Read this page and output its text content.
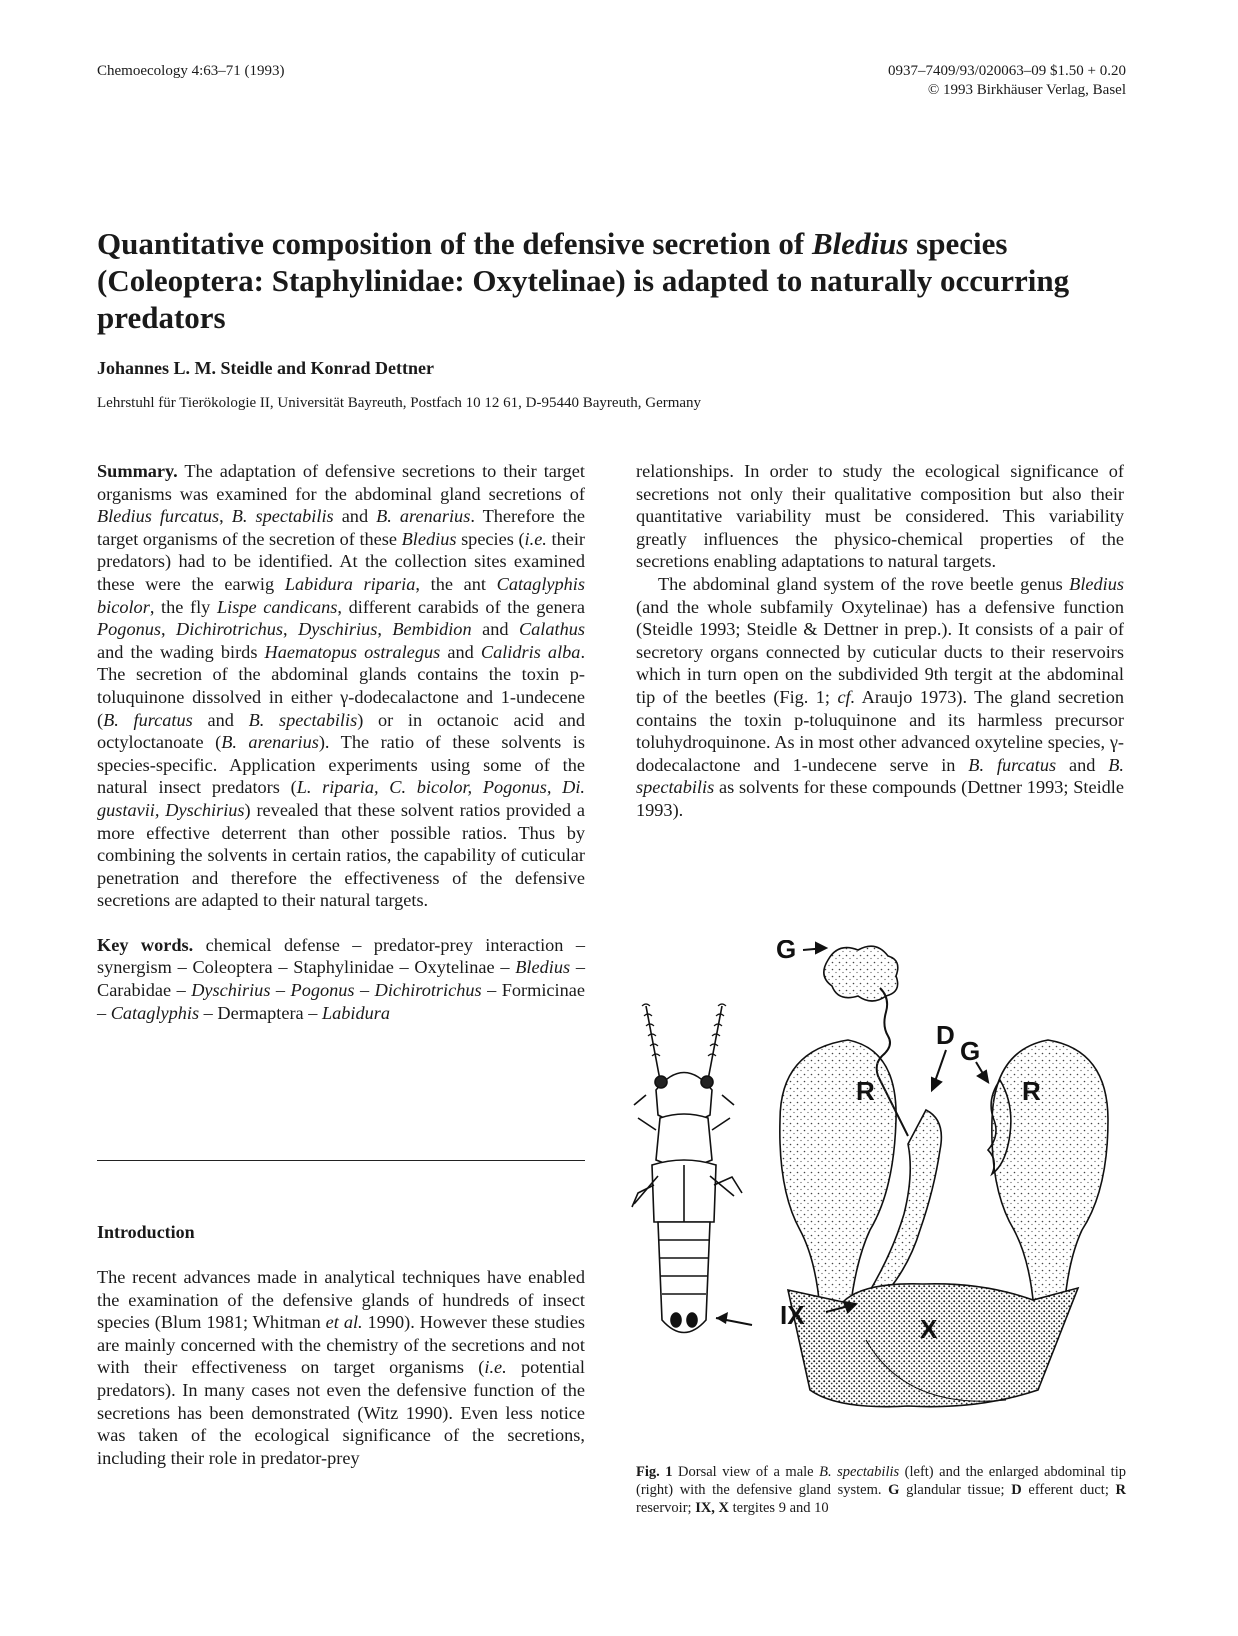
Chemoecology 4:63–71 (1993)	0937–7409/93/020063–09 $1.50 + 0.20
© 1993 Birkhäuser Verlag, Basel
Quantitative composition of the defensive secretion of Bledius species (Coleoptera: Staphylinidae: Oxytelinae) is adapted to naturally occurring predators
Johannes L. M. Steidle and Konrad Dettner
Lehrstuhl für Tierökologie II, Universität Bayreuth, Postfach 10 12 61, D-95440 Bayreuth, Germany

Summary. The adaptation of defensive secretions to their target organisms was examined for the abdominal gland secretions of Bledius furcatus, B. spectabilis and B. arenarius. Therefore the target organisms of the secretion of these Bledius species (i.e. their predators) had to be identified. At the collection sites examined these were the earwig Labidura riparia, the ant Cataglyphis bicolor, the fly Lispe candicans, different carabids of the genera Pogonus, Dichirotrichus, Dyschirius, Bembidion and Calathus and the wading birds Haematopus ostralegus and Calidris alba. The secretion of the abdominal glands contains the toxin p-toluquinone dissolved in either γ-dodecalactone and 1-undecene (B. furcatus and B. spectabilis) or in octanoic acid and octyloctanoate (B. arenarius). The ratio of these solvents is species-specific. Application experiments using some of the natural insect predators (L. riparia, C. bicolor, Pogonus, Di. gustavii, Dyschirius) revealed that these solvent ratios provided a more effective deterrent than other possible ratios. Thus by combining the solvents in certain ratios, the capability of cuticular penetration and therefore the effectiveness of the defensive secretions are adapted to their natural targets.

Key words. chemical defense – predator-prey interaction – synergism – Coleoptera – Staphylinidae – Oxytelinae – Bledius – Carabidae – Dyschirius – Pogonus – Dichirotrichus – Formicinae – Cataglyphis – Dermaptera – Labidura

Introduction

The recent advances made in analytical techniques have enabled the examination of the defensive glands of hundreds of insect species (Blum 1981; Whitman et al. 1990). However these studies are mainly concerned with the chemistry of the secretions and not with their effectiveness on target organisms (i.e. potential predators). In many cases not even the defensive function of the secretions has been demonstrated (Witz 1990). Even less notice was taken of the ecological significance of the secretions, including their role in predator-prey

relationships. In order to study the ecological significance of secretions not only their qualitative composition but also their quantitative variability must be considered. This variability greatly influences the physico-chemical properties of the secretions enabling adaptations to natural targets.

The abdominal gland system of the rove beetle genus Bledius (and the whole subfamily Oxytelinae) has a defensive function (Steidle 1993; Steidle & Dettner in prep.). It consists of a pair of secretory organs connected by cuticular ducts to their reservoirs which in turn open on the subdivided 9th tergit at the abdominal tip of the beetles (Fig. 1; cf. Araujo 1973). The gland secretion contains the toxin p-toluquinone and its harmless precursor toluhydroquinone. As in most other advanced oxyteline species, γ-dodecalactone and 1-undecene serve in B. furcatus and B. spectabilis as solvents for these compounds (Dettner 1993; Steidle 1993).

G
D
G
R	R
IX	X
Fig. 1 Dorsal view of a male B. spectabilis (left) and the enlarged abdominal tip (right) with the defensive gland system. G glandular tissue; D efferent duct; R reservoir; IX, X tergites 9 and 10
